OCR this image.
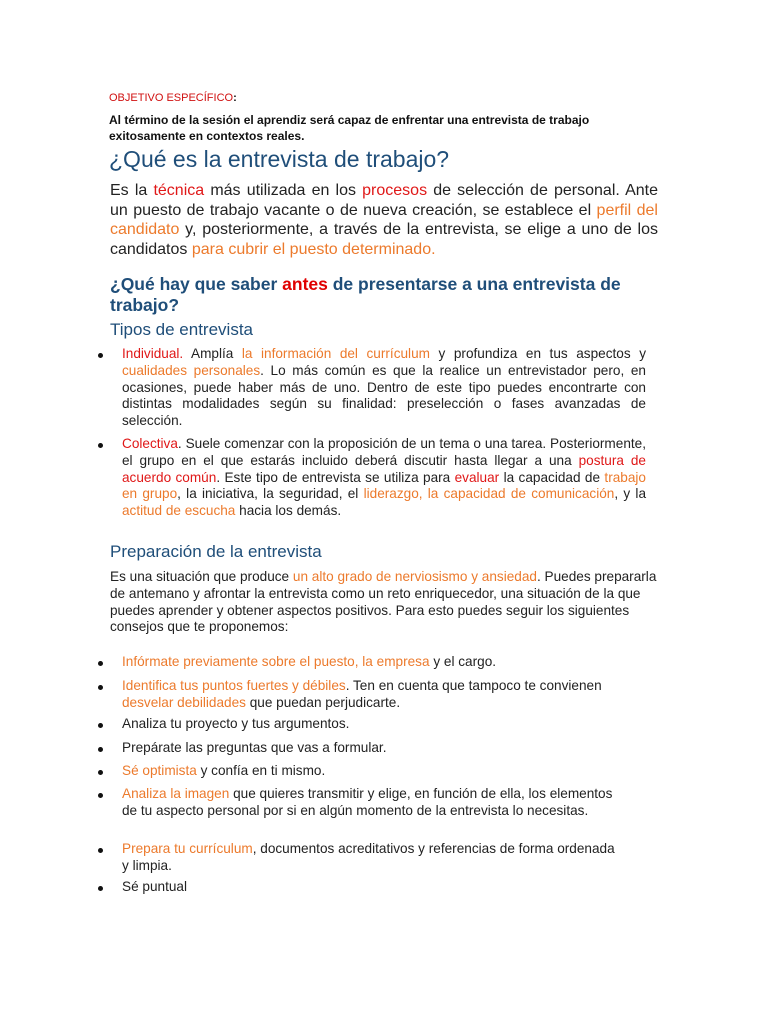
OBJETIVO ESPECÍFICO:
Al término de la sesión el aprendiz será capaz de enfrentar una entrevista de trabajo exitosamente en contextos reales.
¿Qué es la entrevista de trabajo?
Es la técnica más utilizada en los procesos de selección de personal. Ante un puesto de trabajo vacante o de nueva creación, se establece el perfil del candidato y, posteriormente, a través de la entrevista, se elige a uno de los candidatos para cubrir el puesto determinado.
¿Qué hay que saber antes de presentarse a una entrevista de trabajo?
Tipos de entrevista
Individual. Amplía la información del currículum y profundiza en tus aspectos y cualidades personales. Lo más común es que la realice un entrevistador pero, en ocasiones, puede haber más de uno. Dentro de este tipo puedes encontrarte con distintas modalidades según su finalidad: preselección o fases avanzadas de selección.
Colectiva. Suele comenzar con la proposición de un tema o una tarea. Posteriormente, el grupo en el que estarás incluido deberá discutir hasta llegar a una postura de acuerdo común. Este tipo de entrevista se utiliza para evaluar la capacidad de trabajo en grupo, la iniciativa, la seguridad, el liderazgo, la capacidad de comunicación, y la actitud de escucha hacia los demás.
Preparación de la entrevista
Es una situación que produce un alto grado de nerviosismo y ansiedad. Puedes prepararla de antemano y afrontar la entrevista como un reto enriquecedor, una situación de la que puedes aprender y obtener aspectos positivos. Para esto puedes seguir los siguientes consejos que te proponemos:
Infórmate previamente sobre el puesto, la empresa y el cargo.
Identifica tus puntos fuertes y débiles. Ten en cuenta que tampoco te convienen desvelar debilidades que puedan perjudicarte.
Analiza tu proyecto y tus argumentos.
Prepárate las preguntas que vas a formular.
Sé optimista y confía en ti mismo.
Analiza la imagen que quieres transmitir y elige, en función de ella, los elementos de tu aspecto personal por si en algún momento de la entrevista lo necesitas.
Prepara tu currículum, documentos acreditativos y referencias de forma ordenada y limpia.
Sé puntual
